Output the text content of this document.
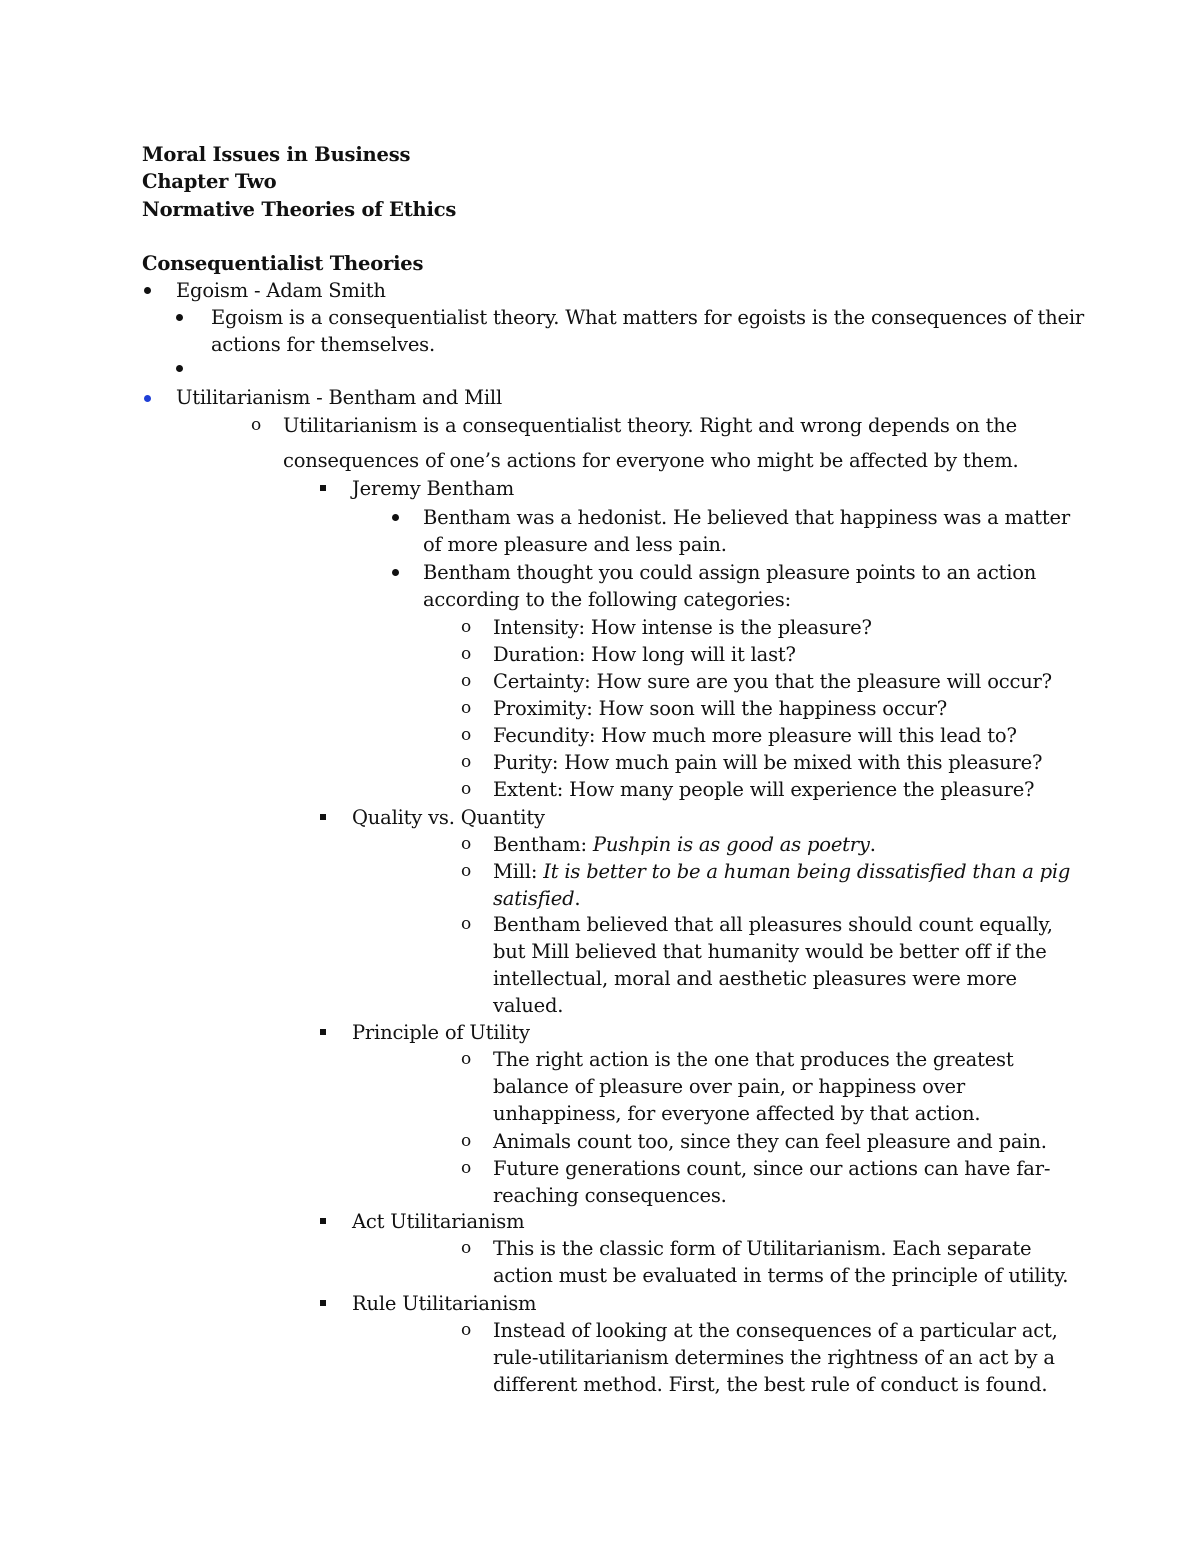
Moral Issues in Business
Chapter Two
Normative Theories of Ethics
Consequentialist Theories
Egoism - Adam Smith
Egoism is a consequentialist theory. What matters for egoists is the consequences of their
actions for themselves.
Utilitarianism - Bentham and Mill
o Utilitarianism is a consequentialist theory. Right and wrong depends on the
consequences of one’s actions for everyone who might be affected by them.
Jeremy Bentham
Bentham was a hedonist. He believed that happiness was a matter
of more pleasure and less pain.
Bentham thought you could assign pleasure points to an action
according to the following categories:
o Intensity: How intense is the pleasure?
o Duration: How long will it last?
o Certainty: How sure are you that the pleasure will occur?
o Proximity: How soon will the happiness occur?
o Fecundity: How much more pleasure will this lead to?
o Purity: How much pain will be mixed with this pleasure?
o Extent: How many people will experience the pleasure?
Quality vs. Quantity
o Bentham: Pushpin is as good as poetry.
o Mill: It is better to be a human being dissatisfied than a pig
satisfied.
o Bentham believed that all pleasures should count equally,
but Mill believed that humanity would be better off if the
intellectual, moral and aesthetic pleasures were more
valued.
Principle of Utility
o The right action is the one that produces the greatest
balance of pleasure over pain, or happiness over
unhappiness, for everyone affected by that action.
o Animals count too, since they can feel pleasure and pain.
o Future generations count, since our actions can have far-
reaching consequences.
Act Utilitarianism
o This is the classic form of Utilitarianism. Each separate
action must be evaluated in terms of the principle of utility.
Rule Utilitarianism
o Instead of looking at the consequences of a particular act,
rule-utilitarianism determines the rightness of an act by a
different method. First, the best rule of conduct is found.
